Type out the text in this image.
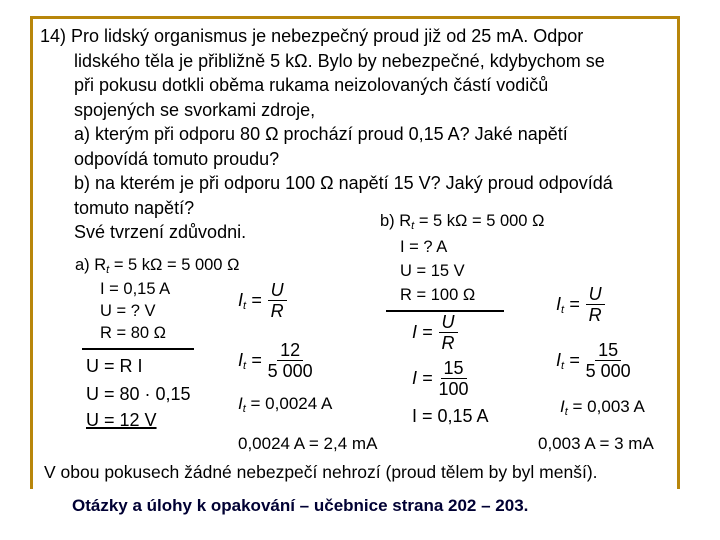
14) Pro lidský organismus je nebezpečný proud již od 25 mA. Odpor
lidského těla je přibližně 5 kΩ. Bylo by nebezpečné, kdybychom se
při pokusu dotkli oběma rukama neizolovaných částí vodičů
spojených se svorkami zdroje,
a) kterým při odporu 80 Ω prochází proud 0,15 A? Jaké napětí
odpovídá tomuto proudu?
b) na kterém je při odporu 100 Ω napětí 15 V? Jaký proud odpovídá
tomuto napětí?
Své tvrzení zdůvodni.
a) $R_t = 5$ kΩ = 5 000 Ω
I = 0,15 A
U = ? V
R = 80 Ω
U = R I
U = 80 · 0,15
U = 12 V
$I_t = \frac{U}{R}$
$I_t = \frac{12}{5 000}$
$I_t = 0,0024$ A
0,0024 A = 2,4 mA
b) $R_t = 5$ kΩ = 5 000 Ω
I = ? A
U = 15 V
R = 100 Ω
$I = \frac{U}{R}$
$I = \frac{15}{100}$
I = 0,15 A
$I_t = \frac{U}{R}$
$I_t = \frac{15}{5 000}$
$I_t = 0,003$ A
0,003 A = 3 mA
V obou pokusech žádné nebezpečí nehrozí (proud tělem by byl menší).
Otázky a úlohy k opakování – učebnice strana 202 – 203.
